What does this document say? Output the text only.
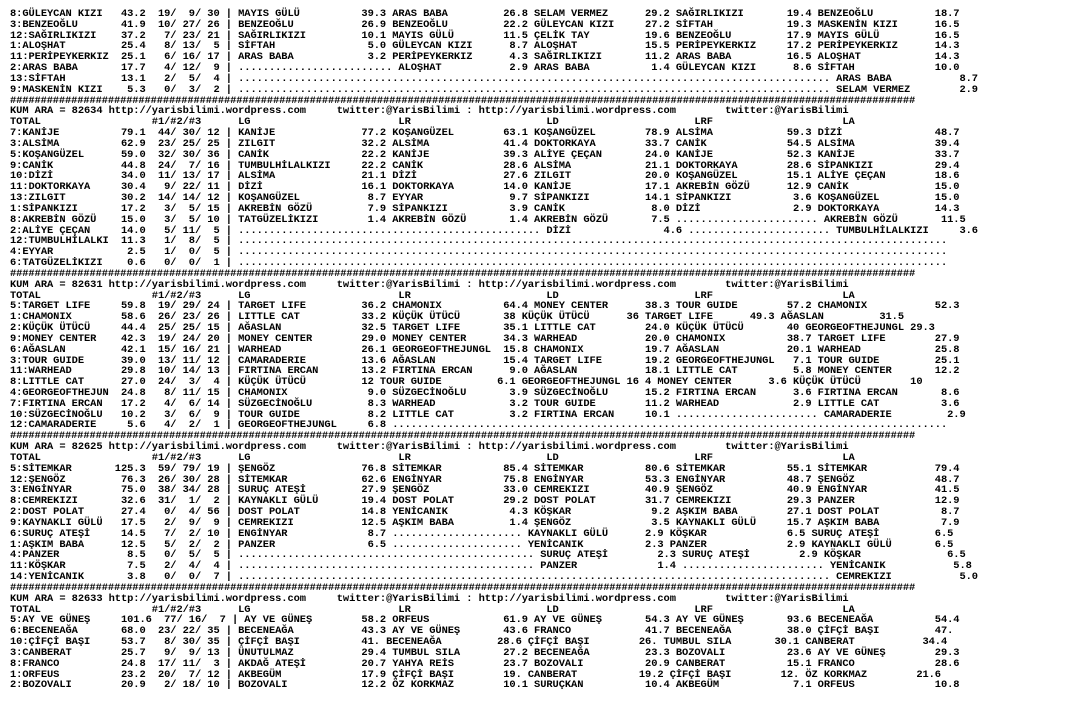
8:GÜLEYCAN KIZI   43.2  19/  9/ 30 | MAYIS GÜLÜ          39.3 ARAS BABA         26.8 SELAM VERMEZ      29.2 SAĞIRLIKIZI       19.4 BENZEOĞLU          18.7
3:BENZEOĞLU       41.9  10/ 27/ 26 | BENZEOĞLU           26.9 BENZEOĞLU         22.2 GÜLEYCAN KIZI     27.2 SİFTAH            19.3 MASKENİN KIZI      16.5
12:SAĞIRLIKIZI    37.2   7/ 23/ 21 | SAĞIRLIKIZI         10.1 MAYIS GÜLÜ        11.5 ÇELİK TAY         19.6 BENZEOĞLU         17.9 MAYIS GÜLÜ         16.5
1:ALOŞHAT         25.4   8/ 13/  5 | SİFTAH               5.0 GÜLEYCAN KIZI      8.7 ALOŞHAT           15.5 PERİPEYKERKIZ     17.2 PERİPEYKERKIZ      14.3
11:PERİPEYKERKIZ  25.1   6/ 16/ 17 | ARAS BABA            3.2 PERİPEYKERKIZ      4.3 SAĞIRLIKIZI       11.2 ARAS BABA         16.5 ALOŞHAT            14.3
2:ARAS BABA       17.7   4/ 12/  9 | ......................... ALOŞHAT           2.9 ARAS BABA          1.4 GÜLEYCAN KIZI      8.6 SİFTAH             10.0
13:SİFTAH         13.1   2/  5/  4 | ................................................................................................ ARAS BABA           8.7
9:MASKENİN KIZI    5.3   0/  3/  2 | ................................................................................................ SELAM VERMEZ        2.9
####################################################################################################################################################
KUM ARA = 82634 http://yarisbilimi.wordpress.com     twitter:@YarisBilimi : http://yarisbilimi.wordpress.com        twitter:@YarisBilimi
TOTAL                  #1/#2/#3      LG                        LR                      LD                      LRF                     LA
7:KANİJE          79.1  44/ 30/ 12 | KANİJE              77.2 KOŞANGÜZEL        63.1 KOŞANGÜZEL        78.9 ALSİMA            59.3 DİZİ               48.7
3:ALSİMA          62.9  23/ 25/ 25 | ZILGIT              32.2 ALSİMA            41.4 DOKTORKAYA        33.7 CANİK             54.5 ALSİMA             39.4
5:KOŞANGÜZEL      59.0  32/ 30/ 36 | CANİK               22.2 KANİJE            39.3 ALİYE ÇEÇAN       24.0 KANİJE            52.3 KANİJE             33.7
9:CANİK           44.8  24/  7/ 16 | TUMBULHİLALKIZI     22.2 CANİK             28.6 ALSİMA            21.1 DOKTORKAYA        28.6 SİPANKIZI          29.4
10:DİZİ           34.0  11/ 13/ 17 | ALSİMA              21.1 DİZİ              27.6 ZILGIT            20.0 KOŞANGÜZEL        15.1 ALİYE ÇEÇAN        18.6
11:DOKTORKAYA     30.4   9/ 22/ 11 | DİZİ                16.1 DOKTORKAYA        14.0 KANİJE            17.1 AKREBİN GÖZÜ      12.9 CANİK              15.0
13:ZILGIT         30.2  14/ 14/ 12 | KOŞANGÜZEL           8.7 EYYAR              9.7 SİPANKIZI         14.1 SİPANKIZI          3.6 KOŞANGÜZEL         15.0
1:SİPANKIZI       17.2   3/  5/ 15 | AKREBİN GÖZÜ         7.9 SİPANKIZI          3.9 CANİK              8.0 DİZİ               2.9 DOKTORKAYA         14.3
8:AKREBİN GÖZÜ    15.0   3/  5/ 10 | TATGÜZELİKIZI        1.4 AKREBİN GÖZÜ       1.4 AKREBİN GÖZÜ       7.5 ....................... AKREBİN GÖZÜ       11.5
2:ALİYE ÇEÇAN     14.0   5/ 11/  5 | ................................................. DİZİ               4.6 ....................... TUMBULHİLALKIZI     3.6
12:TUMBULHİLALKI  11.3   1/  8/  5 | ...................................................................................................................
4:EYYAR            2.5   1/  0/  5 | ...................................................................................................................
6:TATGÜZELİKIZI    0.6   0/  0/  1 | ...................................................................................................................
####################################################################################################################################################
KUM ARA = 82631 http://yarisbilimi.wordpress.com     twitter:@YarisBilimi : http://yarisbilimi.wordpress.com        twitter:@YarisBilimi
TOTAL                  #1/#2/#3      LG                        LR                      LD                      LRF                     LA
5:TARGET LIFE     59.8  19/ 29/ 24 | TARGET LIFE         36.2 CHAMONIX          64.4 MONEY CENTER      38.3 TOUR GUIDE        57.2 CHAMONIX           52.3
1:CHAMONIX        58.6  26/ 23/ 26 | LITTLE CAT          33.2 KÜÇÜK ÜTÜCÜ       38 KÜÇÜK ÜTÜCÜ      36 TARGET LIFE      49.3 AĞASLAN         31.5
2:KÜÇÜK ÜTÜCÜ     44.4  25/ 25/ 15 | AĞASLAN             32.5 TARGET LIFE       35.1 LITTLE CAT        24.0 KÜÇÜK ÜTÜCÜ       40 GEORGEOFTHEJUNGL 29.3
9:MONEY CENTER    42.3  19/ 24/ 20 | MONEY CENTER        29.0 MONEY CENTER      34.3 WARHEAD           20.0 CHAMONIX          38.7 TARGET LIFE        27.9
6:AĞASLAN         42.1  15/ 16/ 21 | WARHEAD             26.1 GEORGEOFTHEJUNGL  15.8 CHAMONIX          19.7 AĞASLAN           20.1 WARHEAD            25.8
3:TOUR GUIDE      39.0  13/ 11/ 12 | CAMARADERIE         13.6 AĞASLAN           15.4 TARGET LIFE       19.2 GEORGEOFTHEJUNGL   7.1 TOUR GUIDE         25.1
11:WARHEAD        29.8  10/ 14/ 13 | FIRTINA ERCAN       13.2 FIRTINA ERCAN      9.0 AĞASLAN           18.1 LITTLE CAT         5.8 MONEY CENTER       12.2
8:LITTLE CAT      27.0  24/  3/  4 | KÜÇÜK ÜTÜCÜ         12 TOUR GUIDE         6.1 GEORGEOFTHEJUNGL 16 4 MONEY CENTER      3.6 KÜÇÜK ÜTÜCÜ        10
4:GEORGEOFTHEJUN  24.8   8/ 11/ 15 | CHAMONIX             9.0 SÜZGECİNOĞLU       3.9 SÜZGECİNOĞLU      15.2 FIRTINA ERCAN      3.6 FIRTINA ERCAN       8.6
7:FIRTINA ERCAN   17.2   4/  6/ 14 | SÜZGECİNOĞLU         8.3 WARHEAD            3.2 TOUR GUIDE        11.2 WARHEAD            2.9 LITTLE CAT          3.6
10:SÜZGECİNOĞLU   10.2   3/  6/  9 | TOUR GUIDE           8.2 LITTLE CAT         3.2 FIRTINA ERCAN     10.1 ....................... CAMARADERIE         2.9
12:CAMARADERIE     5.6   4/  2/  1 | GEORGEOFTHEJUNGL     6.8 ..........................................................................................
####################################################################################################################################################
KUM ARA = 82625 http://yarisbilimi.wordpress.com     twitter:@YarisBilimi : http://yarisbilimi.wordpress.com        twitter:@YarisBilimi
TOTAL                  #1/#2/#3      LG                        LR                      LD                      LRF                     LA
5:SİTEMKAR       125.3  59/ 79/ 19 | ŞENGÖZ              76.8 SİTEMKAR          85.4 SİTEMKAR          80.6 SİTEMKAR          55.1 SİTEMKAR           79.4
12:ŞENGÖZ         76.3  26/ 30/ 28 | SİTEMKAR            62.6 ENGİNYAR          75.8 ENGİNYAR          53.3 ENGİNYAR          48.7 ŞENGÖZ             48.7
3:ENGİNYAR        75.0  38/ 34/ 28 | SURUÇ ATEŞİ         27.9 ŞENGÖZ            33.0 CEMREKIZI         40.9 ŞENGÖZ            40.9 ENGİNYAR           41.5
8:CEMREKIZI       32.6  31/  1/  2 | KAYNAKLI GÜLÜ       19.4 DOST POLAT        29.2 DOST POLAT        31.7 CEMREKIZI         29.3 PANZER             12.9
2:DOST POLAT      27.4   0/  4/ 56 | DOST POLAT          14.8 YENİCANIK          4.3 KÖŞKAR             9.2 AŞKIM BABA        27.1 DOST POLAT          8.7
9:KAYNAKLI GÜLÜ   17.5   2/  9/  9 | CEMREKIZI           12.5 AŞKIM BABA         1.4 ŞENGÖZ             3.5 KAYNAKLI GÜLÜ     15.7 AŞKIM BABA          7.9
6:SURUÇ ATEŞİ     14.5   7/  2/ 10 | ENGİNYAR             8.7 ..................... KAYNAKLI GÜLÜ      2.9 KÖŞKAR             6.5 SURUÇ ATEŞİ         6.5
1:AŞKIM BABA      12.5   5/  2/  2 | PANZER               6.5 ..................... YENİCANIK          2.3 PANZER             2.9 KAYNAKLI GÜLÜ       6.5
4:PANZER           8.5   0/  5/  5 | ................................................ SURUÇ ATEŞİ        2.3 SURUÇ ATEŞİ        2.9 KÖŞKAR              6.5
11:KÖŞKAR          7.5   2/  4/  4 | ................................................ PANZER             1.4 ....................... YENİCANIK           5.8
14:YENİCANIK       3.8   0/  0/  7 | ................................................................................................ CEMREKIZI           5.0
####################################################################################################################################################
KUM ARA = 82633 http://yarisbilimi.wordpress.com     twitter:@YarisBilimi : http://yarisbilimi.wordpress.com        twitter:@YarisBilimi
TOTAL                  #1/#2/#3      LG                        LR                      LD                      LRF                     LA
5:AY VE GÜNEŞ     101.6  77/ 16/  7 | AY VE GÜNEŞ        58.2 ORFEUS            61.9 AY VE GÜNEŞ       54.3 AY VE GÜNEŞ       93.6 BECENEAĞA          54.4
6:BECENEAĞA       68.0  23/ 22/ 35 | BECENEAĞA           43.3 AY VE GÜNEŞ       43.6 FRANCO            41.7 BECENEAĞA         38.0 ÇİFÇİ BAŞI         47.
10:ÇİFÇİ BAŞI     53.7   8/ 30/ 35 | ÇİFÇİ BAŞI          41. BECENEAĞA         28.6 ÇİFÇİ BAŞI        26. TUMBUL SILA       30.1 CANBERAT           34.4
3:CANBERAT        25.7   9/  9/ 13 | ÜNUTULMAZ           29.4 TUMBUL SILA       27.2 BECENEAĞA         23.3 BOZOVALI          23.6 AY VE GÜNEŞ        29.3
8:FRANCO          24.8  17/ 11/  3 | AKDAĞ ATEŞİ         20.7 YAHYA REİS        23.7 BOZOVALI          20.9 CANBERAT          15.1 FRANCO             28.6
1:ORFEUS          23.2  20/  7/ 12 | AKBEGÜM             17.9 ÇİFÇİ BAŞI        19. CANBERAT          19.2 ÇİFÇİ BAŞI        12. ÖZ KORKMAZ        21.6
2:BOZOVALI        20.9   2/ 18/ 10 | BOZOVALI            12.2 ÖZ KORKMAZ        10.1 SURUÇKAN          10.4 AKBEGÜM            7.1 ORFEUS             10.8
